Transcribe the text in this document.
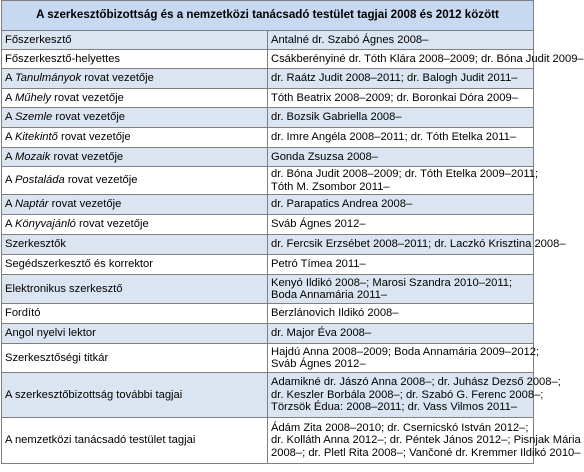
A szerkesztőbizottság és a nemzetközi tanácsadó testület tagjai 2008 és 2012 között	
Főszerkesztő	Antalné dr. Szabó Ágnes 2008–

Főszerkesztő-helyettes	Csákberényiné dr. Tóth Klára 2008–2009; dr. Bóna Judit 2009–

A Tanulmányok rovat vezetője	dr. Raátz Judit 2008–2011; dr. Balogh Judit 2011–

A Műhely rovat vezetője	Tóth Beatrix 2008–2009; dr. Boronkai Dóra 2009–

A Szemle rovat vezetője	dr. Bozsik Gabriella 2008–

A Kitekintő rovat vezetője	dr. Imre Angéla 2008–2011; dr. Tóth Etelka 2011–

A Mozaik rovat vezetője	Gonda Zsuzsa 2008–

A Postaláda rovat vezetője	dr. Bóna Judit 2008–2009; dr. Tóth Etelka 2009–2011;
Tóth M. Zsombor 2011–

A Naptár rovat vezetője	dr. Parapatics Andrea 2008–

A Könyvajánló rovat vezetője	Sváb Ágnes 2012–

Szerkesztők	dr. Fercsik Erzsébet 2008–2011; dr. Laczkó Krisztina 2008–

Segédszerkesztő és korrektor	Petró Tímea 2011–

Elektronikus szerkesztő	Kenyó Ildikó 2008–; Marosi Szandra 2010–2011;
Boda Annamária 2011–

Fordító	Berzlánovich Ildikó 2008–

Angol nyelvi lektor	dr. Major Éva 2008–

Szerkesztőségi titkár	Hajdú Anna 2008–2009; Boda Annamária 2009–2012;
Sváb Ágnes 2012–

A szerkesztőbizottság további tagjai	Adamikné dr. Jászó Anna 2008–; dr. Juhász Dezső 2008–;
dr. Keszler Borbála 2008–; dr. Szabó G. Ferenc 2008–;
Törzsök Édua: 2008–2011; dr. Vass Vilmos 2011–

A nemzetközi tanácsadó testület tagjai	Ádám Zita 2008–2010; dr. Csernicskó István 2012–;
dr. Kolláth Anna 2012–; dr. Péntek János 2012–; Pisnjak Mária
2008–; dr. Pletl Rita 2008–; Vančoné dr. Kremmer Ildikó 2010–
